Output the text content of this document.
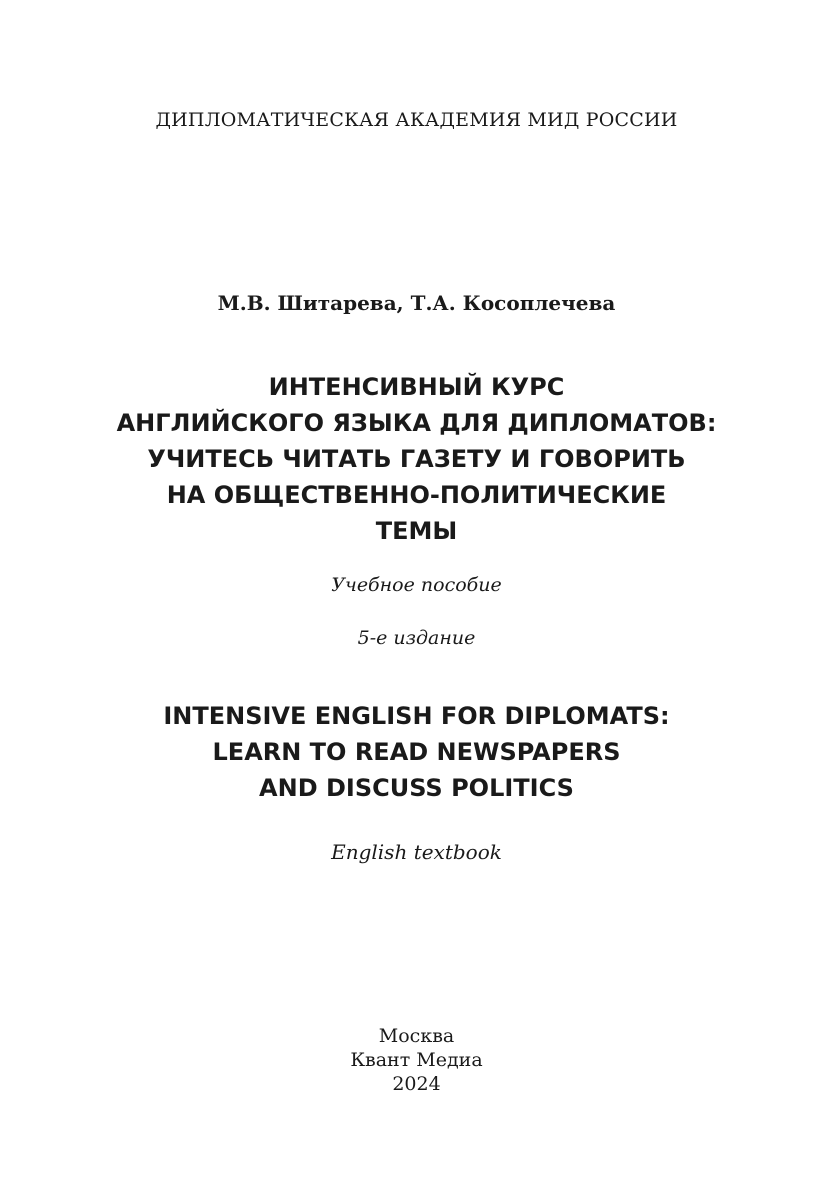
ДИПЛОМАТИЧЕСКАЯ АКАДЕМИЯ МИД РОССИИ
М.В. Шитарева, Т.А. Косоплечева
ИНТЕНСИВНЫЙ КУРС
АНГЛИЙСКОГО ЯЗЫКА ДЛЯ ДИПЛОМАТОВ:
УЧИТЕСЬ ЧИТАТЬ ГАЗЕТУ И ГОВОРИТЬ
НА ОБЩЕСТВЕННО-ПОЛИТИЧЕСКИЕ
ТЕМЫ
Учебное пособие
5-е издание
INTENSIVE ENGLISH FOR DIPLOMATS:
LEARN TO READ NEWSPAPERS
AND DISCUSS POLITICS
English textbook
Москва
Квант Медиа
2024
